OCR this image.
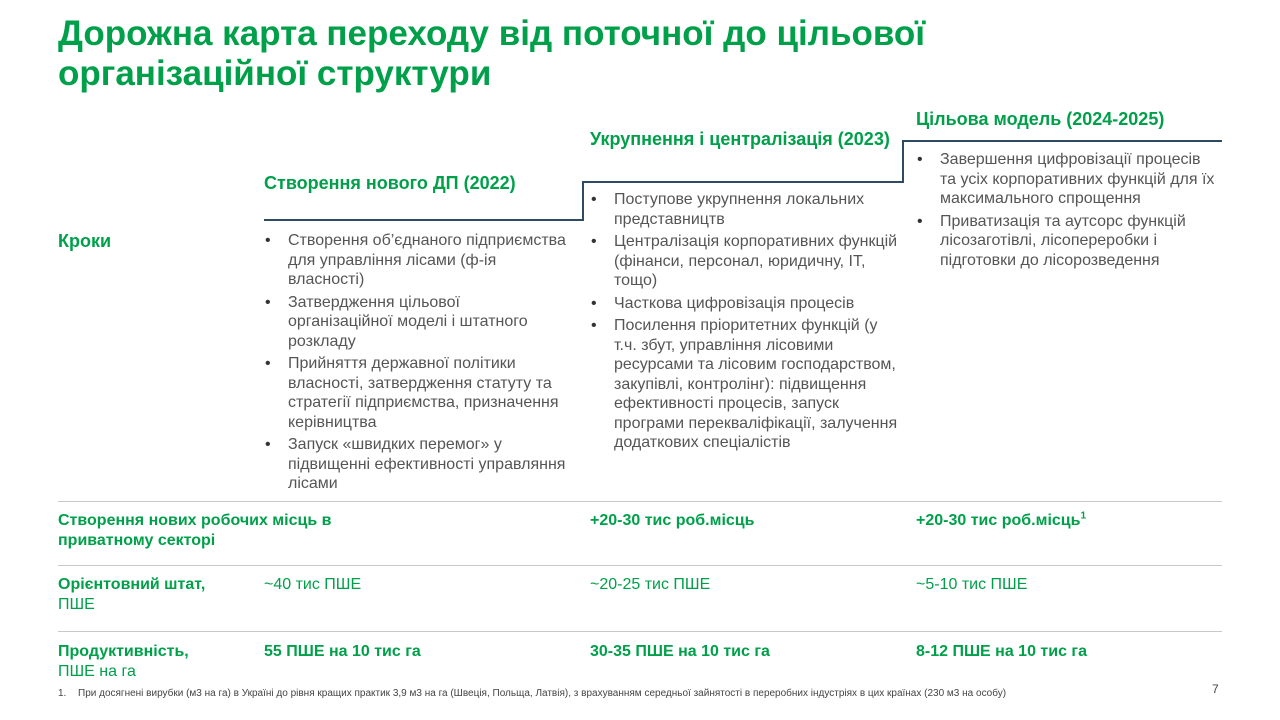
Дорожна карта переходу від поточної до цільової організаційної структури
Створення нового ДП (2022)
Укрупнення і централізація (2023)
Цільова модель (2024-2025)
Кроки
•	Створення об’єднаного підприємства для управління лісами (ф-ія власності)
• Затвердження цільової організаційної моделі і штатного розкладу
• Прийняття державної політики власності, затвердження статуту та стратегії підприємства, призначення керівництва
• Запуск «швидких перемог» у підвищенні ефективності управляння лісами
• Поступове укрупнення локальних представництв
• Централізація корпоративних функцій (фінанси, персонал, юридичну, ІТ, тощо)
• Часткова цифровізація процесів
• Посилення пріоритетних функцій (у т.ч. збут, управління лісовими ресурсами та лісовим господарством, закупівлі, контролінг): підвищення ефективності процесів, запуск програми перекваліфікації, залучення додаткових спеціалістів
• Завершення цифровізації процесів та усіх корпоративних функцій для їх максимального спрощення
• Приватизація та аутсорс функцій лісозаготівлі, лісопереробки і підготовки до лісорозведення
Створення нових робочих місць в приватному секторі
+20-30 тис роб.місць	+20-30 тис роб.місць$^1$
Орієнтовний штат,
ПШЕ
~40 тис ПШЕ	~20-25 тис ПШЕ	~5-10 тис ПШЕ
Продуктивність,
ПШЕ на га
55 ПШЕ на 10 тис га	30-35 ПШЕ на 10 тис га	8-12 ПШЕ на 10 тис га
1. При досягнені вирубки (м3 на га) в Україні до рівня кращих практик 3,9 м3 на га (Швеція, Польща, Латвія), з врахуванням середньої зайнятості в переробних індустріях в цих країнах (230 м3 на особу)	7
